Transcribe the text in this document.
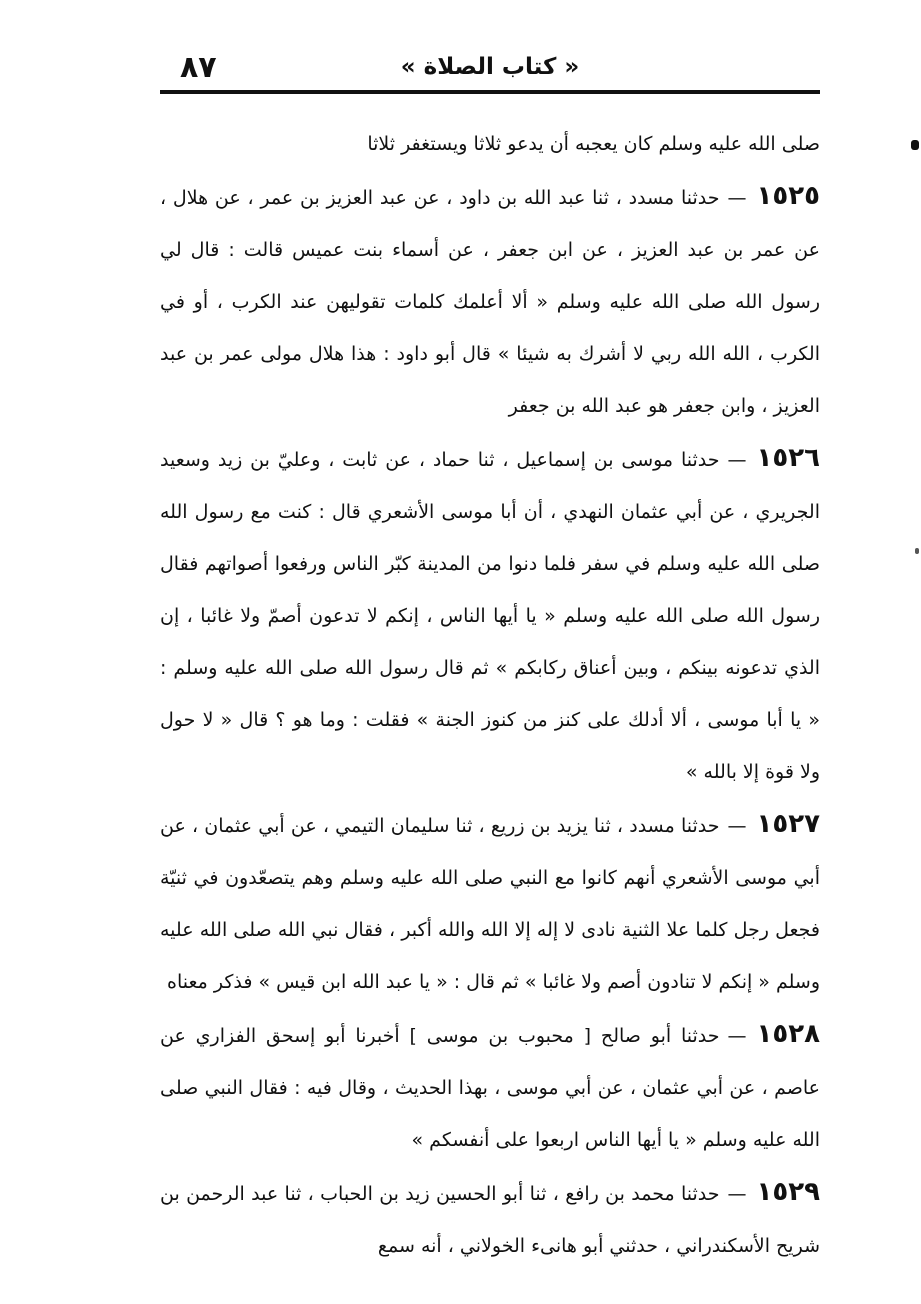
٨٧	« كتاب الصلاة »

صلى الله عليه وسلم كان يعجبه أن يدعو ثلاثا ويستغفر ثلاثا

١٥٢٥—حدثنا مسدد ، ثنا عبد الله بن داود ، عن عبد العزيز بن عمر ، عن هلال ، عن عمر بن عبد العزيز ، عن ابن جعفر ، عن أسماء بنت عميس قالت : قال لي رسول الله صلى الله عليه وسلم « ألا أعلمك كلمات تقوليهن عند الكرب ، أو في الكرب ، الله الله ربي لا أشرك به شيئا » قال أبو داود : هذا هلال مولى عمر بن عبد العزيز ، وابن جعفر هو عبد الله بن جعفر

١٥٢٦—حدثنا موسى بن إسماعيل ، ثنا حماد ، عن ثابت ، وعليّ بن زيد وسعيد الجريري ، عن أبي عثمان النهدي ، أن أبا موسى الأشعري قال : كنت مع رسول الله صلى الله عليه وسلم في سفر فلما دنوا من المدينة كبّر الناس ورفعوا أصواتهم فقال رسول الله صلى الله عليه وسلم « يا أيها الناس ، إنكم لا تدعون أصمّ ولا غائبا ، إن الذي تدعونه بينكم ، وبين أعناق ركابكم » ثم قال رسول الله صلى الله عليه وسلم : « يا أبا موسى ، ألا أدلك على كنز من كنوز الجنة » فقلت : وما هو ؟ قال « لا حول ولا قوة إلا بالله »

١٥٢٧—حدثنا مسدد ، ثنا يزيد بن زريع ، ثنا سليمان التيمي ، عن أبي عثمان ، عن أبي موسى الأشعري أنهم كانوا مع النبي صلى الله عليه وسلم وهم يتصعّدون في ثنيّة فجعل رجل كلما علا الثنية نادى لا إله إلا الله والله أكبر ، فقال نبي الله صلى الله عليه وسلم « إنكم لا تنادون أصم ولا غائبا » ثم قال : « يا عبد الله ابن قيس » فذكر معناه

١٥٢٨—حدثنا أبو صالح [ محبوب بن موسى ] أخبرنا أبو إسحق الفزاري عن عاصم ، عن أبي عثمان ، عن أبي موسى ، بهذا الحديث ، وقال فيه : فقال النبي صلى الله عليه وسلم « يا أيها الناس اربعوا على أنفسكم »

١٥٢٩—حدثنا محمد بن رافع ، ثنا أبو الحسين زيد بن الحباب ، ثنا عبد الرحمن بن شريح الأسكندراني ، حدثني أبو هانىء الخولاني ، أنه سمع
